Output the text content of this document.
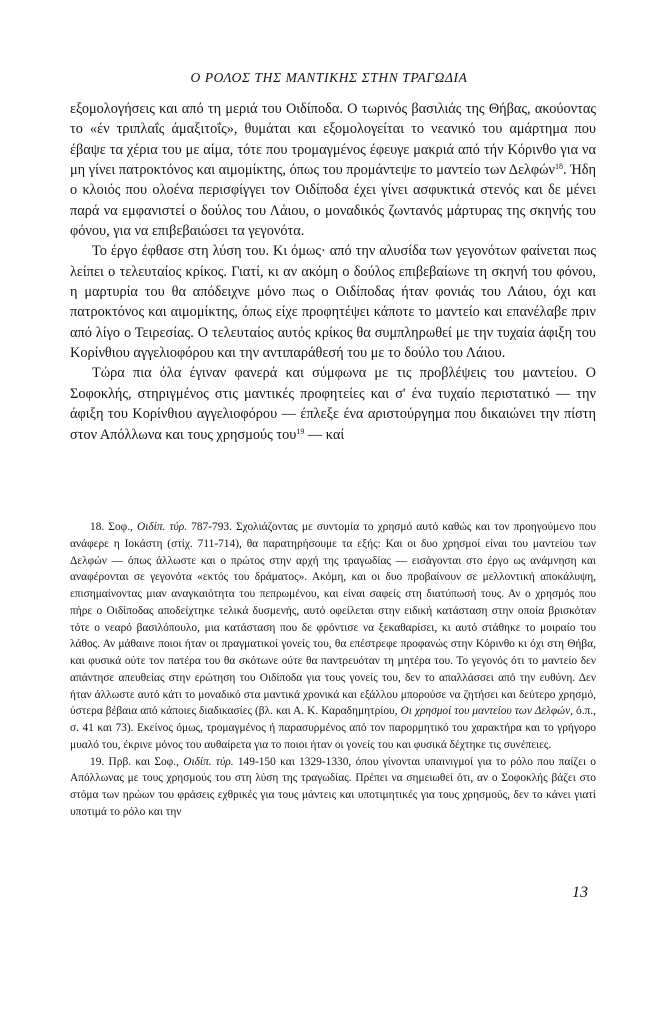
Ο ΡΟΛΟΣ ΤΗΣ ΜΑΝΤΙΚΗΣ ΣΤΗΝ ΤΡΑΓΩΔΙΑ

εξομολογήσεις και από τη μεριά του Οιδίποδα. Ο τωρινός βασιλιάς της Θήβας, ακούοντας το «έν τριπλαΐς άμαξιτοΐς», θυμάται και εξομολογείται το νεανικό του αμάρτημα που έβαψε τα χέρια του με αίμα, τότε που τρομαγμένος έφευγε μακριά από τήν Κόρινθο για να μη γίνει πατροκτόνος και αιμομίκτης, όπως του προμάντεψε το μαντείο των Δελφών$^{18}$. Ήδη ο κλοιός που ολοένα περισφίγγει τον Οιδίποδα έχει γίνει ασφυκτικά στενός και δε μένει παρά να εμφανιστεί ο δούλος του Λάιου, ο μοναδικός ζωντανός μάρτυρας της σκηνής του φόνου, για να επιβεβαιώσει τα γεγονότα.

Το έργο έφθασε στη λύση του. Κι όμως· από την αλυσίδα των γεγονότων φαίνεται πως λείπει ο τελευταίος κρίκος. Γιατί, κι αν ακόμη ο δούλος επιβεβαίωνε τη σκηνή του φόνου, η μαρτυρία του θα απόδειχνε μόνο πως ο Οιδίποδας ήταν φονιάς του Λάιου, όχι και πατροκτόνος και αιμομίκτης, όπως είχε προφητέψει κάποτε το μαντείο και επανέλαβε πριν από λίγο ο Τειρεσίας. Ο τελευταίος αυτός κρίκος θα συμπληρωθεί με την τυχαία άφιξη του Κορίνθιου αγγελιοφόρου και την αντιπαράθεσή του με το δούλο του Λάιου.

Τώρα πια όλα έγιναν φανερά και σύμφωνα με τις προβλέψεις του μαντείου. Ο Σοφοκλής, στηριγμένος στις μαντικές προφητείες και σ' ένα τυχαίο περιστατικό — την άφιξη του Κορίνθιου αγγελιοφόρου — έπλεξε ένα αριστούργημα που δικαιώνει την πίστη στον Απόλλωνα και τους χρησμούς του$^{19}$ — καί

18. Σοφ., Οιδίπ. τύρ. 787-793. Σχολιάζοντας με συντομία το χρησμό αυτό καθώς και τον προηγούμενο που ανάφερε η Ιοκάστη (στίχ. 711-714), θα παρατηρήσουμε τα εξής: Και οι δυο χρησμοί είναι του μαντείου των Δελφών — όπως άλλωστε και ο πρώτος στην αρχή της τραγωδίας — εισάγονται στο έργο ως ανάμνηση και αναφέρονται σε γεγονότα «εκτός του δράματος». Ακόμη, και οι δυο προβαίνουν σε μελλοντική αποκάλυψη, επισημαίνοντας μιαν αναγκαιότητα του πεπρωμένου, και είναι σαφείς στη διατύπωσή τους. Αν ο χρησμός που πήρε ο Οιδίποδας αποδείχτηκε τελικά δυσμενής, αυτό οφείλεται στην ειδική κατάσταση στην οποία βρισκόταν τότε ο νεαρό βασιλόπουλο, μια κατάσταση που δε φρόντισε να ξεκαθαρίσει, κι αυτό στάθηκε το μοιραίο του λάθος. Αν μάθαινε ποιοι ήταν οι πραγματικοί γονείς του, θα επέστρεφε προφανώς στην Κόρινθο κι όχι στη Θήβα, και φυσικά ούτε τον πατέρα του θα σκότωνε ούτε θα παντρευόταν τη μητέρα του. Το γεγονός ότι το μαντείο δεν απάντησε απευθείας στην ερώτηση του Οιδίποδα για τους γονείς του, δεν το απαλλάσσει από την ευθύνη. Δεν ήταν άλλωστε αυτό κάτι το μοναδικό στα μαντικά χρονικά και εξάλλου μπορούσε να ζητήσει και δεύτερο χρησμό, ύστερα βέβαια από κάποιες διαδικασίες (βλ. και Α. Κ. Καραδημητρίου, Οι χρησμοί του μαντείου των Δελφών, ό.π., σ. 41 και 73). Εκείνος όμως, τρομαγμένος ή παρασυρμένος από τον παρορμητικό του χαρακτήρα και το γρήγορο μυαλό του, έκρινε μόνος του αυθαίρετα για το ποιοι ήταν οι γονείς του και φυσικά δέχτηκε τις συνέπειες.

19. Πρβ. και Σοφ., Οιδίπ. τύρ. 149-150 και 1329-1330, όπου γίνονται υπαινιγμοί για το ρόλο που παίζει ο Απόλλωνας με τους χρησμούς του στη λύση της τραγωδίας. Πρέπει να σημειωθεί ότι, αν ο Σοφοκλής βάζει στο στόμα των ηρώων του φράσεις εχθρικές για τους μάντεις και υποτιμητικές για τους χρησμούς, δεν το κάνει γιατί υποτιμά το ρόλο και την

13
